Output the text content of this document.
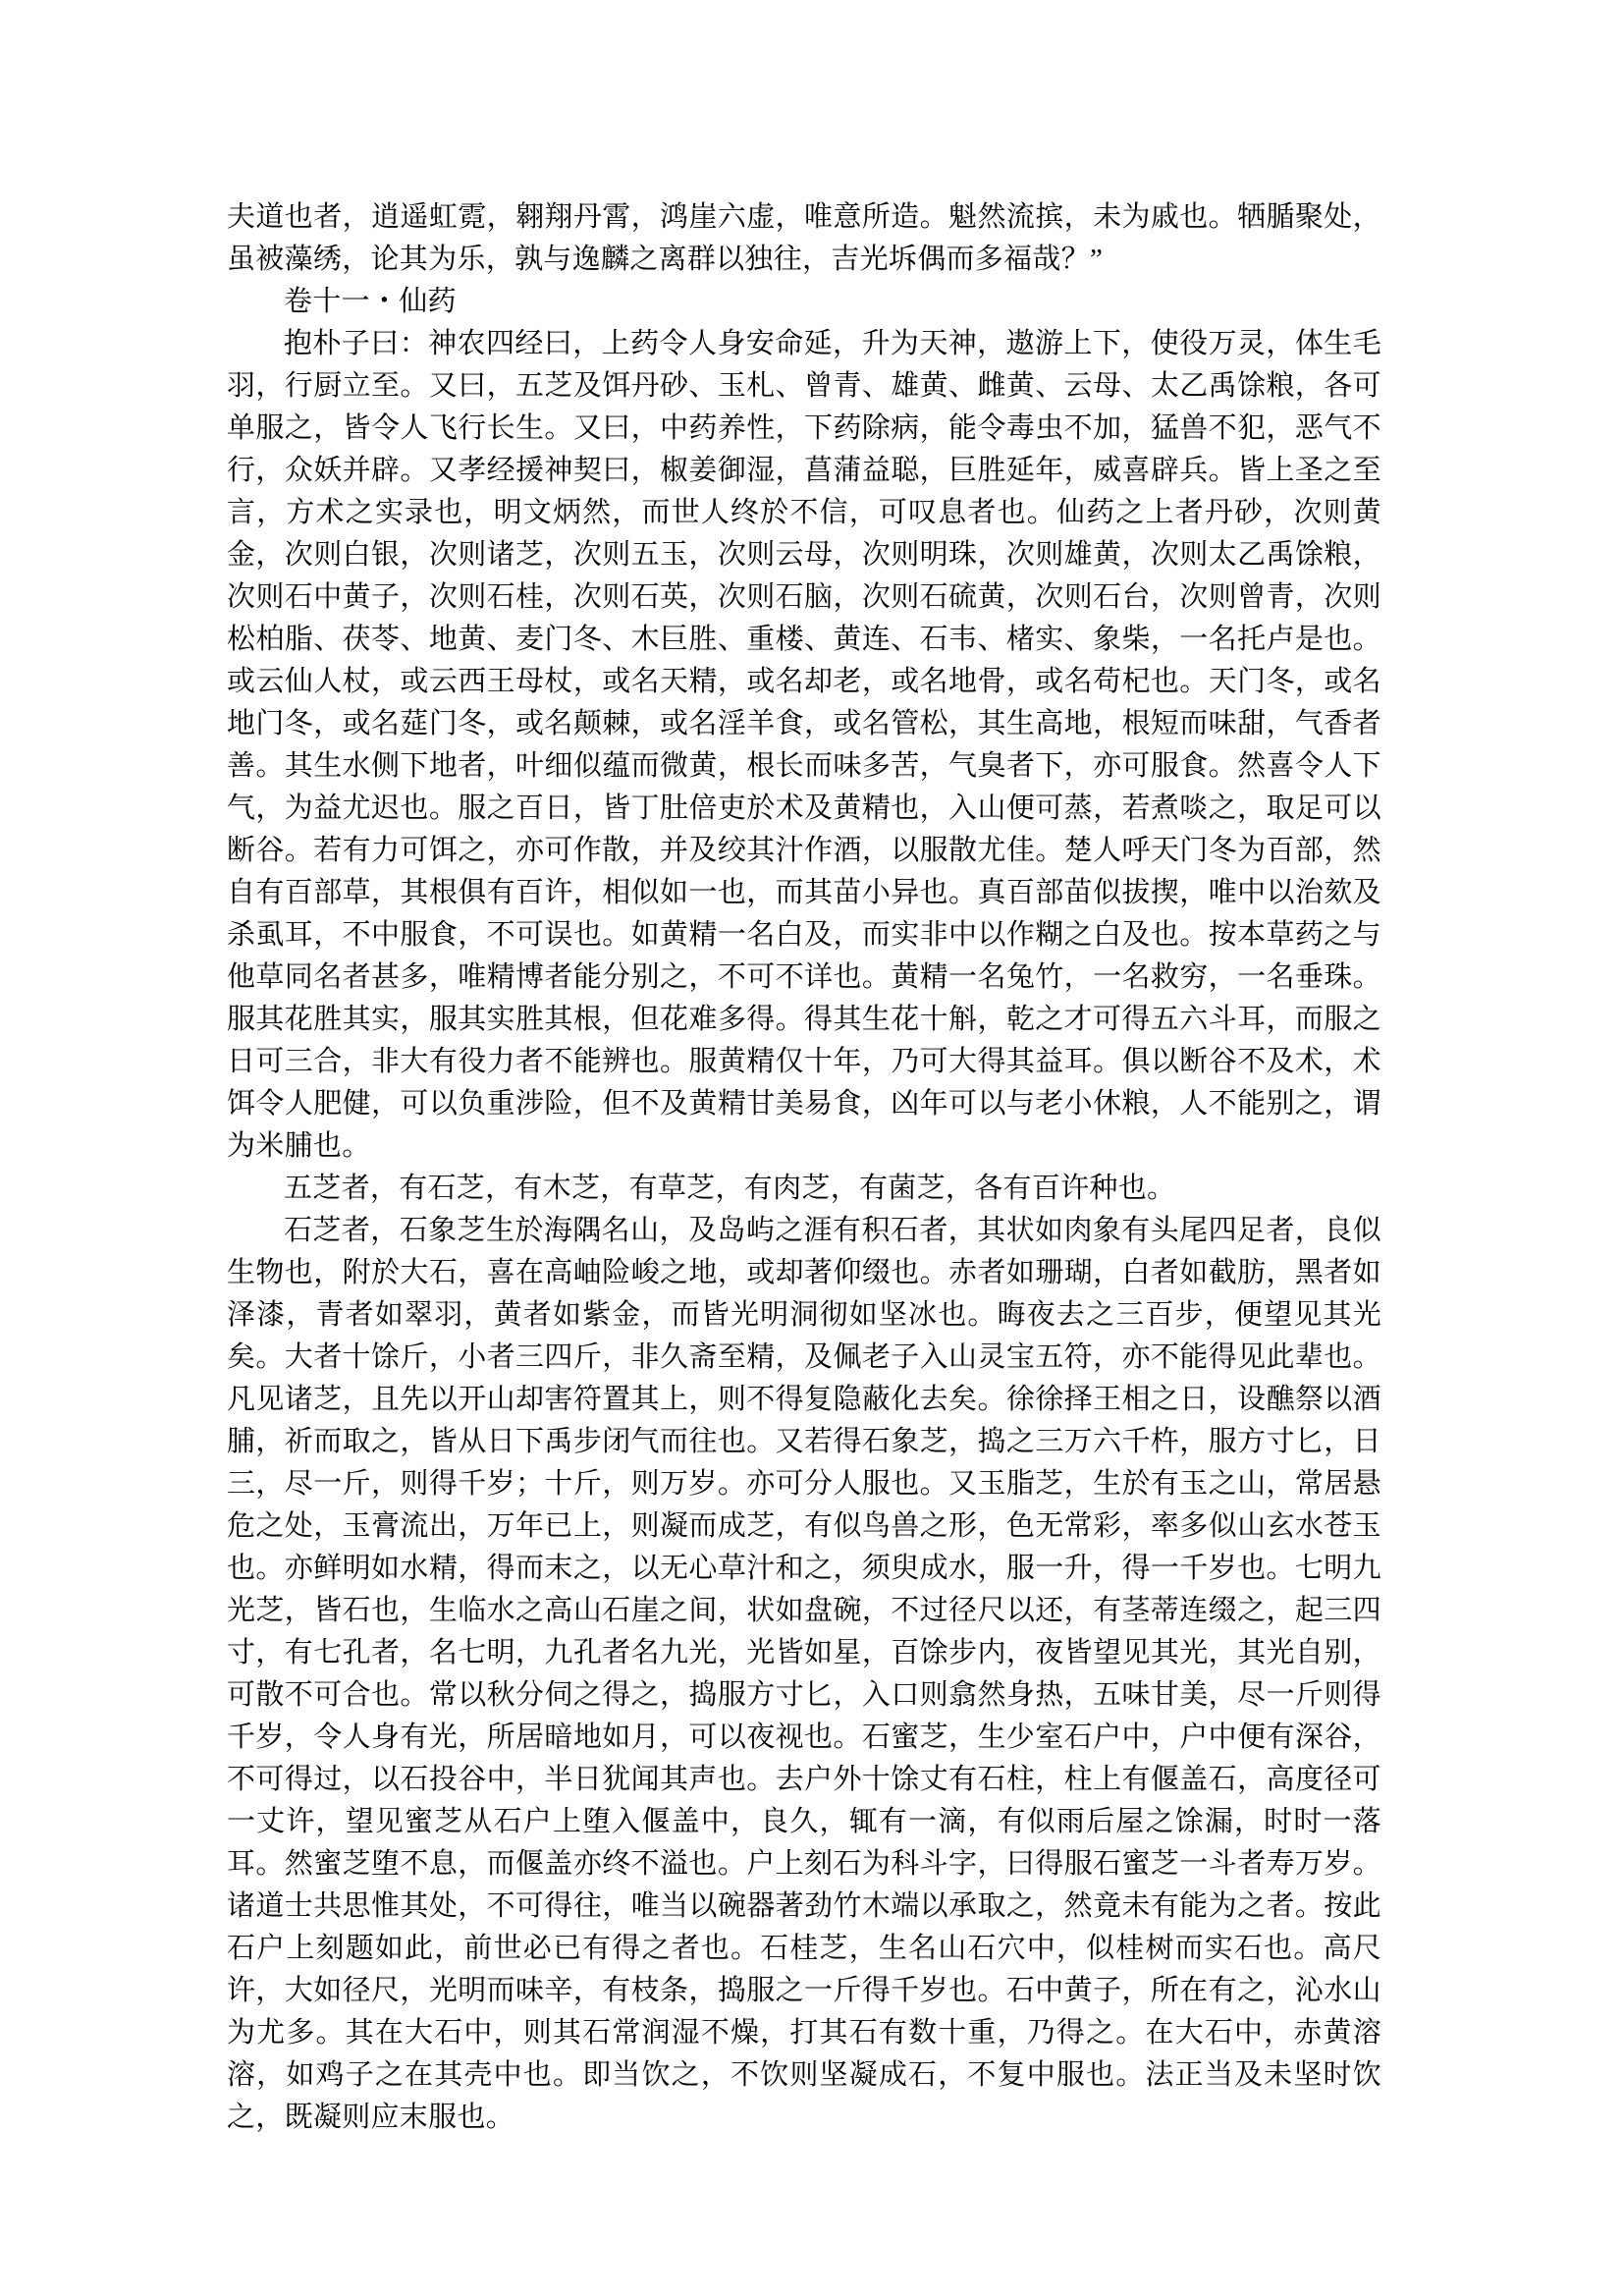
夫道也者，逍遥虹霓，翱翔丹霄，鸿崖六虚，唯意所造。魁然流摈，未为戚也。牺腯聚处，虽被藻绣，论其为乐，孰与逸麟之离群以独往，吉光坼偶而多福哉？”

卷十一・仙药

抱朴子曰：神农四经曰，上药令人身安命延，升为天神，遨游上下，使役万灵，体生毛羽，行厨立至。又曰，五芝及饵丹砂、玉札、曾青、雄黄、雌黄、云母、太乙禹馀粮，各可单服之，皆令人飞行长生。又曰，中药养性，下药除病，能令毒虫不加，猛兽不犯，恶气不行，众妖并辟。又孝经援神契曰，椒姜御湿，菖蒲益聪，巨胜延年，威喜辟兵。皆上圣之至言，方术之实录也，明文炳然，而世人终於不信，可叹息者也。仙药之上者丹砂，次则黄金，次则白银，次则诸芝，次则五玉，次则云母，次则明珠，次则雄黄，次则太乙禹馀粮，次则石中黄子，次则石桂，次则石英，次则石脑，次则石硫黄，次则石台，次则曾青，次则松柏脂、茯苓、地黄、麦门冬、木巨胜、重楼、黄连、石韦、楮实、象柴，一名托卢是也。或云仙人杖，或云西王母杖，或名天精，或名却老，或名地骨，或名苟杞也。天门冬，或名地门冬，或名莚门冬，或名颠棘，或名淫羊食，或名管松，其生高地，根短而味甜，气香者善。其生水侧下地者，叶细似蕴而微黄，根长而味多苦，气臭者下，亦可服食。然喜令人下气，为益尤迟也。服之百日，皆丁肚倍吏於术及黄精也，入山便可蒸，若煮啖之，取足可以断谷。若有力可饵之，亦可作散，并及绞其汁作酒，以服散尤佳。楚人呼天门冬为百部，然自有百部草，其根俱有百许，相似如一也，而其苗小异也。真百部苗似拔揳，唯中以治欬及杀虱耳，不中服食，不可误也。如黄精一名白及，而实非中以作糊之白及也。按本草药之与他草同名者甚多，唯精博者能分别之，不可不详也。黄精一名兔竹，一名救穷，一名垂珠。服其花胜其实，服其实胜其根，但花难多得。得其生花十斛，乾之才可得五六斗耳，而服之日可三合，非大有役力者不能辨也。服黄精仅十年，乃可大得其益耳。俱以断谷不及术，术饵令人肥健，可以负重涉险，但不及黄精甘美易食，凶年可以与老小休粮，人不能别之，谓为米脯也。

五芝者，有石芝，有木芝，有草芝，有肉芝，有菌芝，各有百许种也。

石芝者，石象芝生於海隅名山，及岛屿之涯有积石者，其状如肉象有头尾四足者，良似生物也，附於大石，喜在高岫险峻之地，或却著仰缀也。赤者如珊瑚，白者如截肪，黑者如泽漆，青者如翠羽，黄者如紫金，而皆光明洞彻如坚冰也。晦夜去之三百步，便望见其光矣。大者十馀斤，小者三四斤，非久斋至精，及佩老子入山灵宝五符，亦不能得见此辈也。凡见诸芝，且先以开山却害符置其上，则不得复隐蔽化去矣。徐徐择王相之日，设醮祭以酒脯，祈而取之，皆从日下禹步闭气而往也。又若得石象芝，捣之三万六千杵，服方寸匕，日三，尽一斤，则得千岁；十斤，则万岁。亦可分人服也。又玉脂芝，生於有玉之山，常居悬危之处，玉膏流出，万年已上，则凝而成芝，有似鸟兽之形，色无常彩，率多似山玄水苍玉也。亦鲜明如水精，得而末之，以无心草汁和之，须臾成水，服一升，得一千岁也。七明九光芝，皆石也，生临水之高山石崖之间，状如盘碗，不过径尺以还，有茎蒂连缀之，起三四寸，有七孔者，名七明，九孔者名九光，光皆如星，百馀步内，夜皆望见其光，其光自别，可散不可合也。常以秋分伺之得之，捣服方寸匕，入口则翕然身热，五味甘美，尽一斤则得千岁，令人身有光，所居暗地如月，可以夜视也。石蜜芝，生少室石户中，户中便有深谷，不可得过，以石投谷中，半日犹闻其声也。去户外十馀丈有石柱，柱上有偃盖石，高度径可一丈许，望见蜜芝从石户上堕入偃盖中，良久，辄有一滴，有似雨后屋之馀漏，时时一落耳。然蜜芝堕不息，而偃盖亦终不溢也。户上刻石为科斗字，曰得服石蜜芝一斗者寿万岁。诸道士共思惟其处，不可得往，唯当以碗器著劲竹木端以承取之，然竟未有能为之者。按此石户上刻题如此，前世必已有得之者也。石桂芝，生名山石穴中，似桂树而实石也。高尺许，大如径尺，光明而味辛，有枝条，捣服之一斤得千岁也。石中黄子，所在有之，沁水山为尤多。其在大石中，则其石常润湿不燥，打其石有数十重，乃得之。在大石中，赤黄溶溶，如鸡子之在其壳中也。即当饮之，不饮则坚凝成石，不复中服也。法正当及未坚时饮之，既凝则应末服也。
